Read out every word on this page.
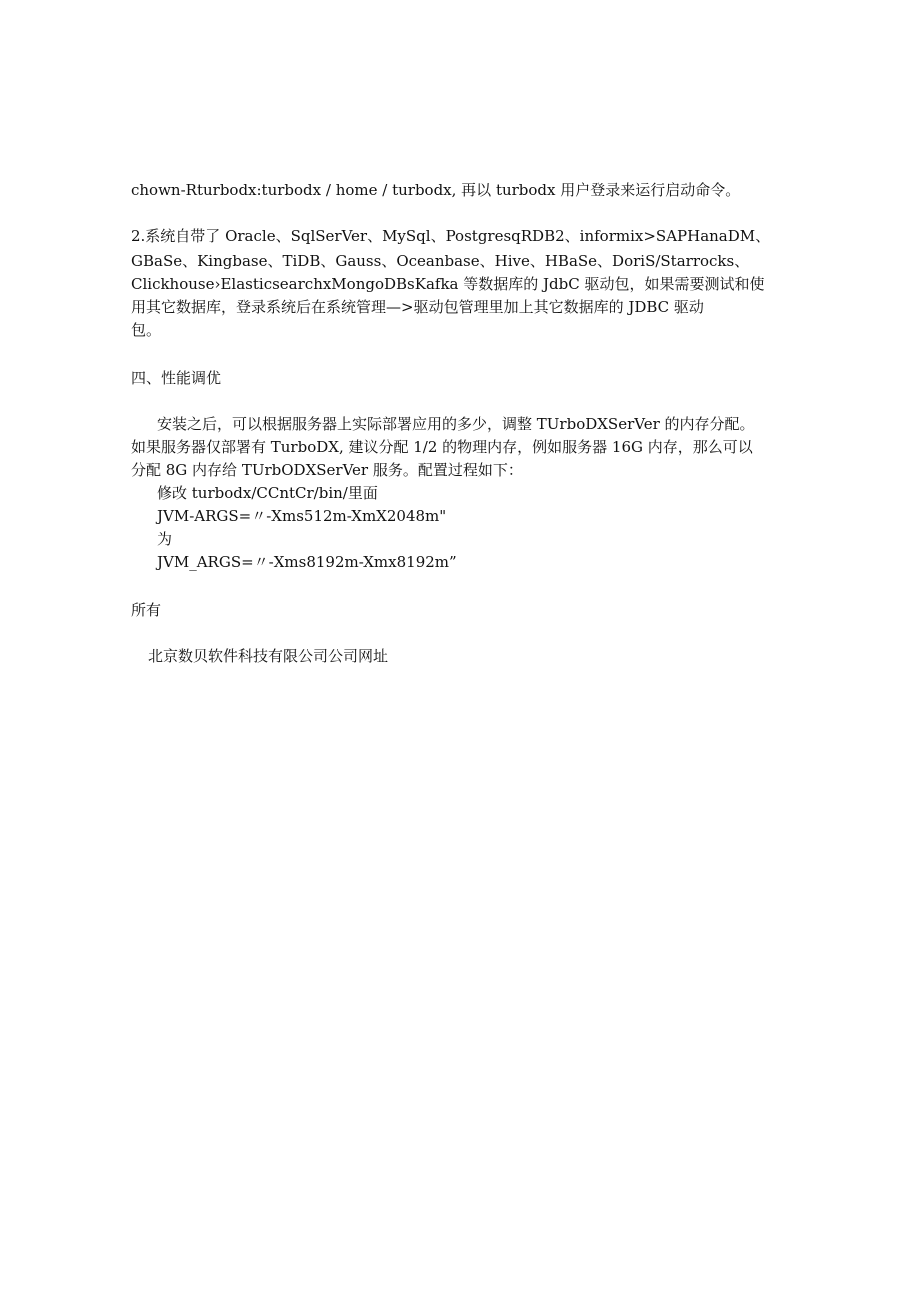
chown-Rturbodx:turbodx / home / turbodx, 再以 turbodx 用户登录来运行启动命令。
2.系统自带了 Oracle、SqlSerVer、MySql、PostgresqRDB2、informix>SAPHanaDM、
GBaSe、Kingbase、TiDB、Gauss、Oceanbase、Hive、HBaSe、DoriS/Starrocks、
Clickhouse›ElasticsearchxMongoDBsKafka 等数据库的 JdbC 驱动包，如果需要测试和使
用其它数据库，登录系统后在系统管理—>驱动包管理里加上其它数据库的 JDBC 驱动
包。
四、性能调优
安装之后，可以根据服务器上实际部署应用的多少，调整 TUrboDXSerVer 的内存分配。
如果服务器仅部署有 TurboDX, 建议分配 1/2 的物理内存，例如服务器 16G 内存，那么可以
分配 8G 内存给 TUrbODXSerVer 服务。配置过程如下：
修改 turbodx/CCntCr/bin/里面
JVM-ARGS=〃-Xms512m-XmX2048m"
为
JVM_ARGS=〃-Xms8192m-Xmx8192m”
所有
北京数贝软件科技有限公司公司网址
